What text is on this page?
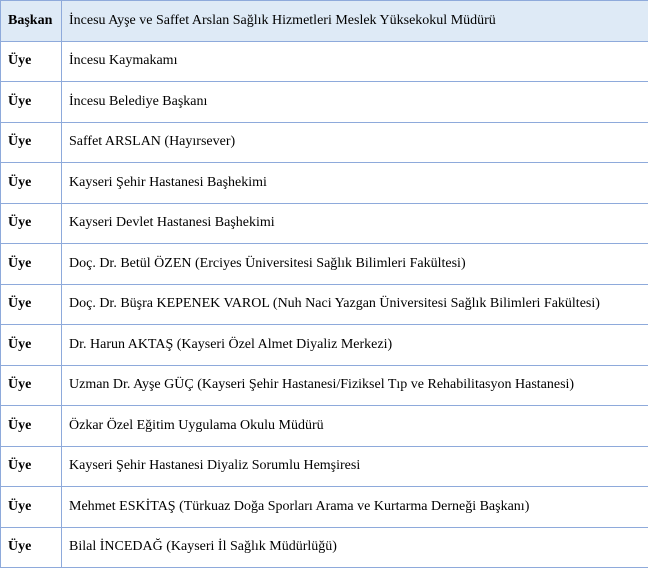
Başkan	İncesu Ayşe ve Saffet Arslan Sağlık Hizmetleri Meslek Yüksekokul Müdürü
Üye	İncesu Kaymakamı
Üye	İncesu Belediye Başkanı
Üye	Saffet ARSLAN (Hayırsever)
Üye	Kayseri Şehir Hastanesi Başhekimi
Üye	Kayseri Devlet Hastanesi Başhekimi
Üye	Doç. Dr. Betül ÖZEN (Erciyes Üniversitesi Sağlık Bilimleri Fakültesi)
Üye	Doç. Dr. Büşra KEPENEK VAROL (Nuh Naci Yazgan Üniversitesi Sağlık Bilimleri Fakültesi)
Üye	Dr. Harun AKTAŞ (Kayseri Özel Almet Diyaliz Merkezi)
Üye	Uzman Dr. Ayşe GÜÇ (Kayseri Şehir Hastanesi/Fiziksel Tıp ve Rehabilitasyon Hastanesi)
Üye	Özkar Özel Eğitim Uygulama Okulu Müdürü
Üye	Kayseri Şehir Hastanesi Diyaliz Sorumlu Hemşiresi
Üye	Mehmet ESKİTAŞ (Türkuaz Doğa Sporları Arama ve Kurtarma Derneği Başkanı)
Üye	Bilal İNCEDAĞ (Kayseri İl Sağlık Müdürlüğü)
